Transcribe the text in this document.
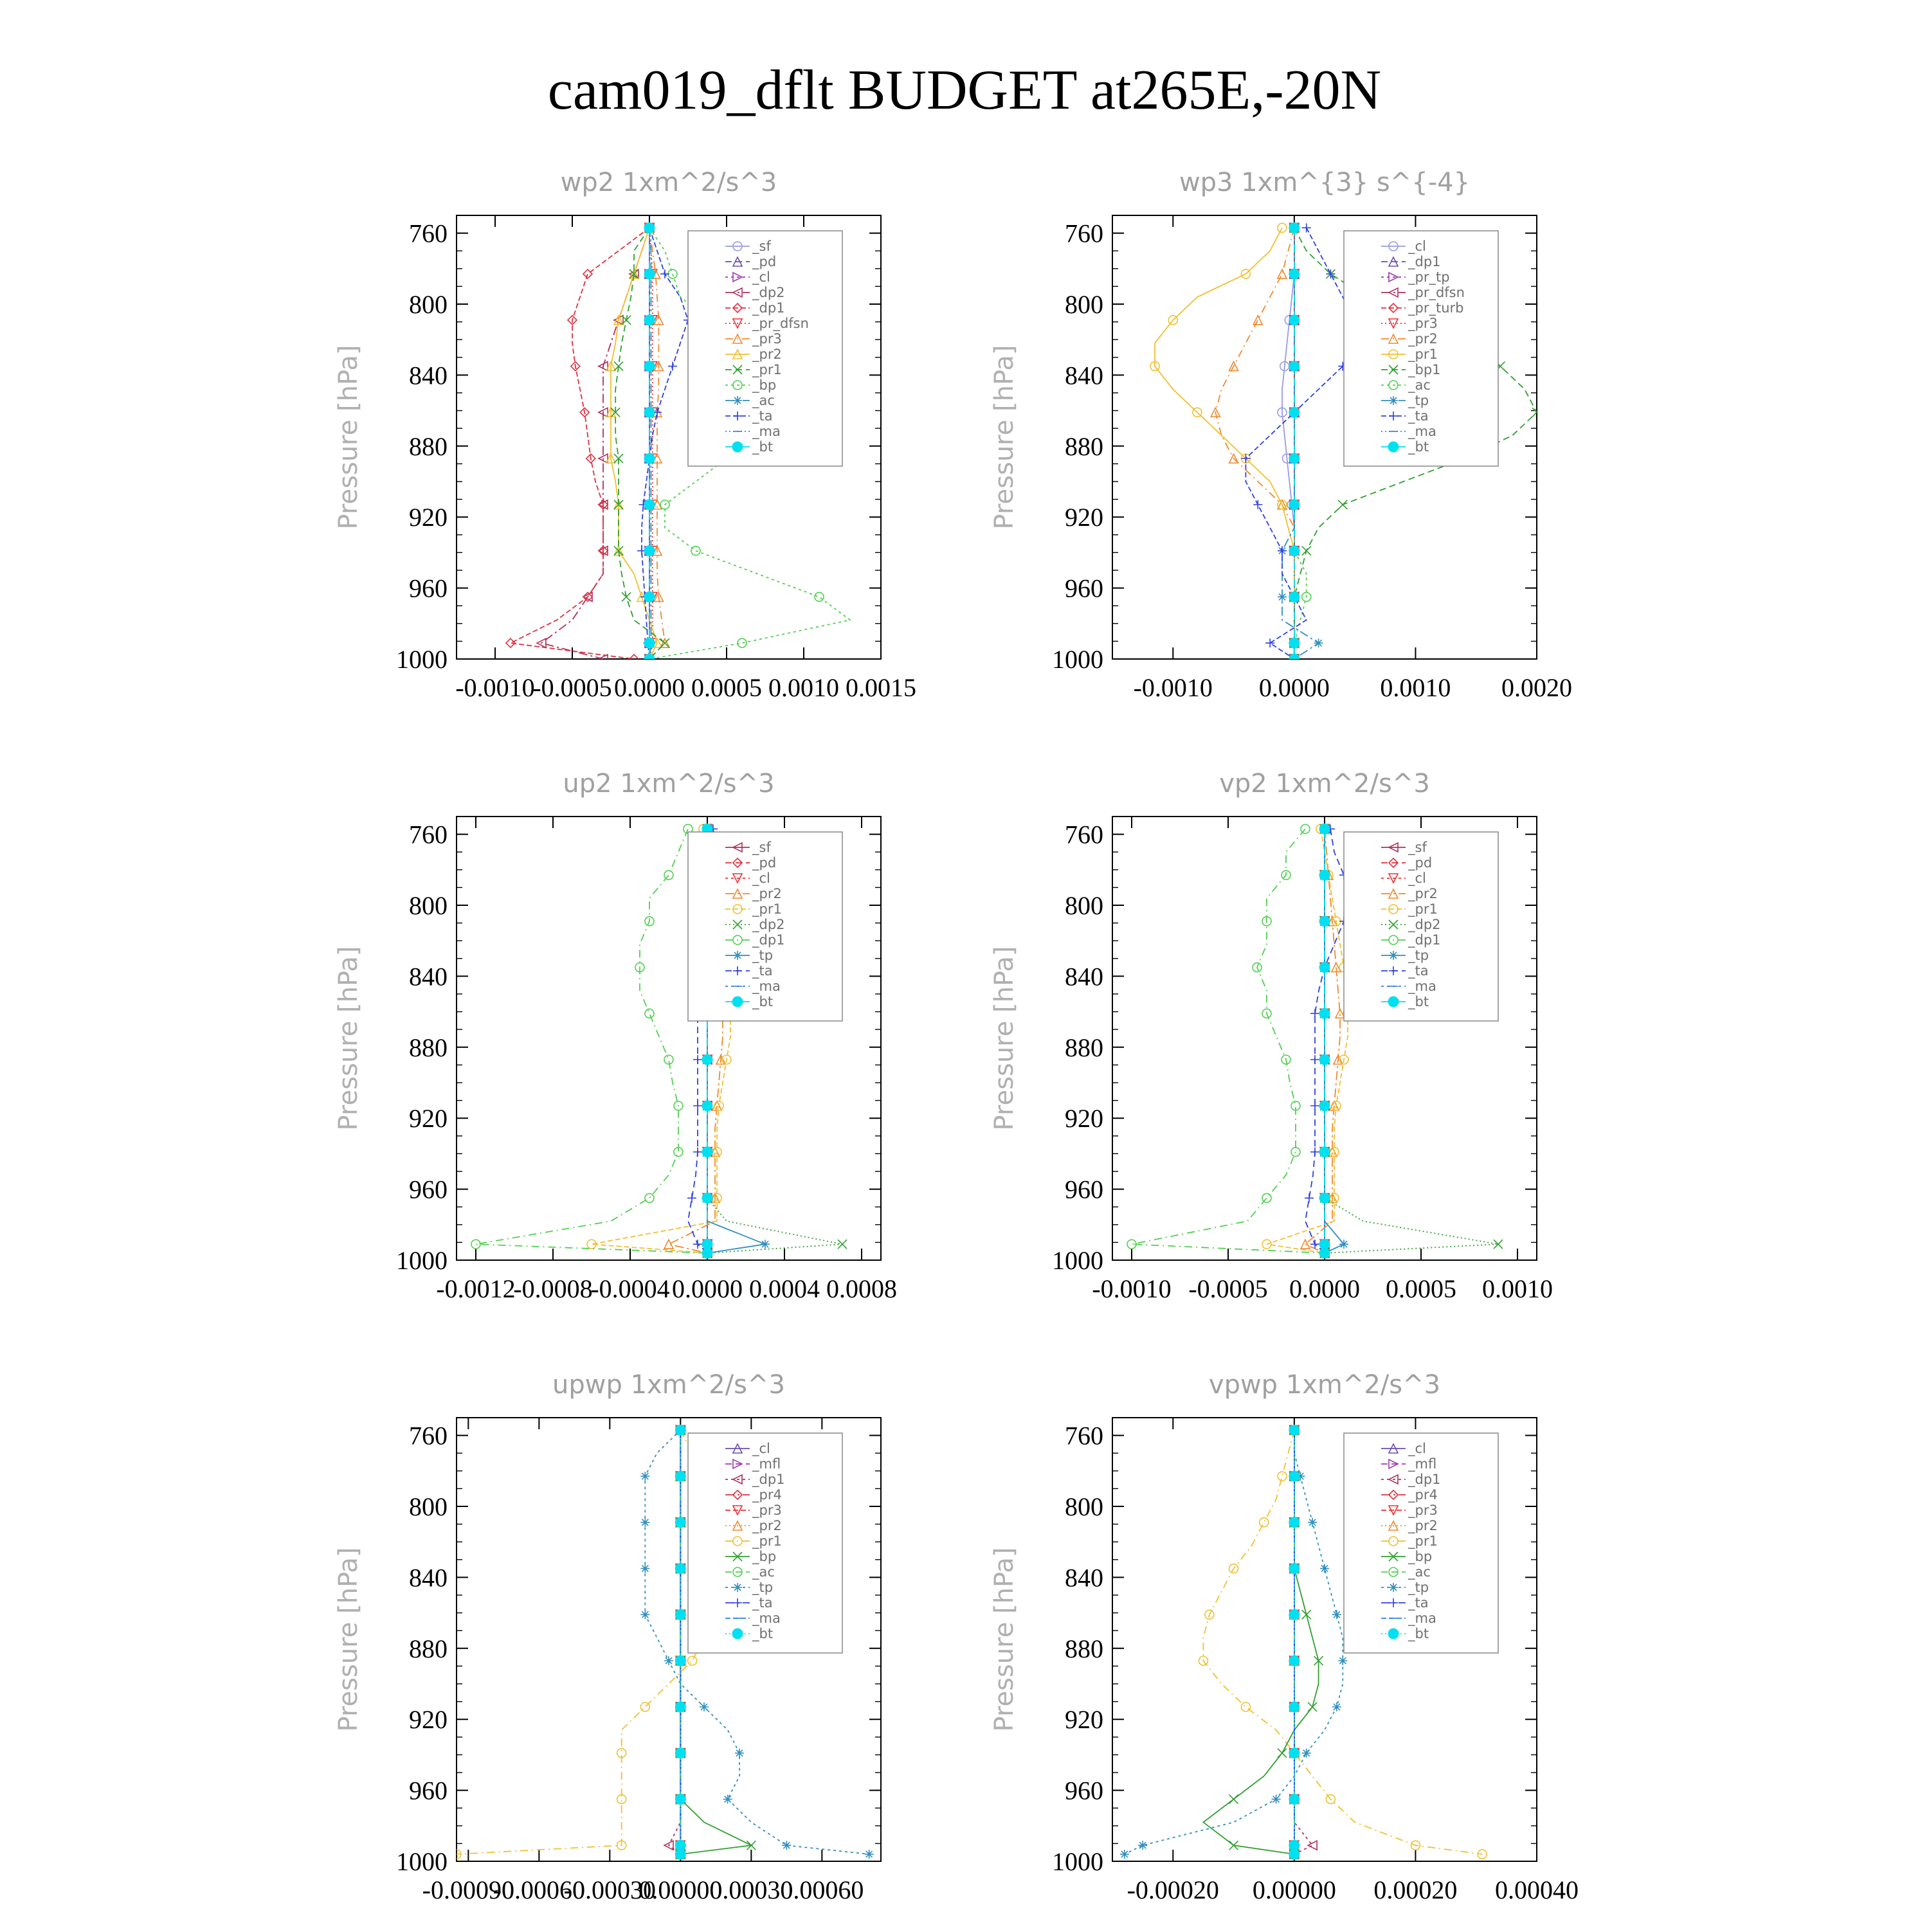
cam019_dflt BUDGET at265E,-20N
wp2 1xm^2/s^3
Pressure [hPa]
760
800
840
880
920
960
1000
-0.0010
-0.0005 0.0000 0.0005 0.0010 0.0015
_sf
_pd
_cl
_dp2
_dp1
_pr_dfsn
_pr3
_pr2
_pr1
_bp
_ac
_ta
_ma
_bt
wp3 1xm^{3} s^{-4}
Pressure [hPa]
760
800
840
880
920
960
1000
-0.0010 0.0000 0.0010 0.0020
_cl
_dp1
_pr_tp
_pr_dfsn
_pr_turb
_pr3
_pr2
_pr1
_bp1
_ac
_tp
_ta
_ma
_bt
up2 1xm^2/s^3
Pressure [hPa]
760
800
840
880
920
960
1000
-0.0012
-0.0008
-0.0004 0.0000 0.0004 0.0008
_sf
_pd
_cl
_pr2
_pr1
_dp2
_dp1
_tp
_ta
_ma
_bt
vp2 1xm^2/s^3
Pressure [hPa]
760
800
840
880
920
960
1000
-0.0010 -0.0005 0.0000 0.0005 0.0010
_sf
_pd
_cl
_pr2
_pr1
_dp2
_dp1
_tp
_ta
_ma
_bt
upwp 1xm^2/s^3
Pressure [hPa]
760
800
840
880
920
960
1000
-0.00090
-0.00060
-0.00030
0.00000
0.00030
0.00060
_cl
_mfl
_dp1
_pr4
_pr3
_pr2
_pr1
_bp
_ac
_tp
_ta
_ma
_bt
vpwp 1xm^2/s^3
Pressure [hPa]
760
800
840
880
920
960
1000
-0.00020 0.00000 0.00020 0.00040
_cl
_mfl
_dp1
_pr4
_pr3
_pr2
_pr1
_bp
_ac
_tp
_ta
_ma
_bt
